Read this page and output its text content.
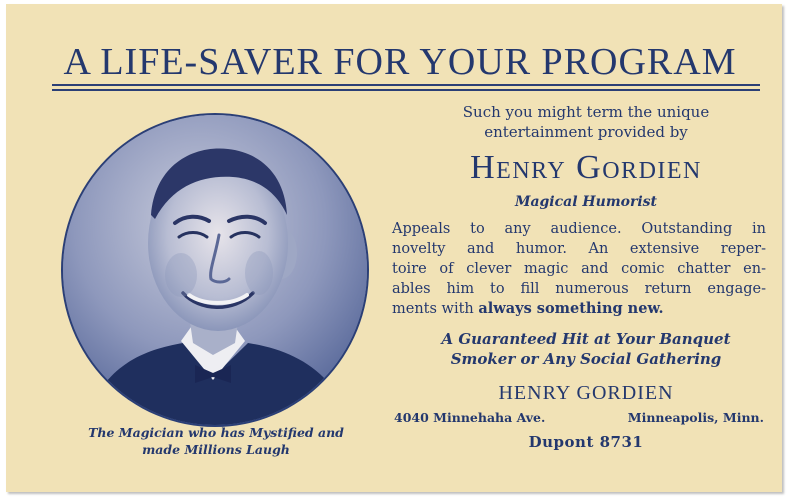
A LIFE-SAVER FOR YOUR PROGRAM
The Magician who has Mystified and
made Millions Laugh
Such you might term the unique
entertainment provided by
Henry Gordien
Magical Humorist
Appeals to any audience. Outstanding in
novelty and humor. An extensive reper-
toire of clever magic and comic chatter en-
ables him to fill numerous return engage-
ments with always something new.
A Guaranteed Hit at Your Banquet
Smoker or Any Social Gathering
HENRY GORDIEN
4040 Minnehaha Ave.	Minneapolis, Minn.
Dupont 8731
